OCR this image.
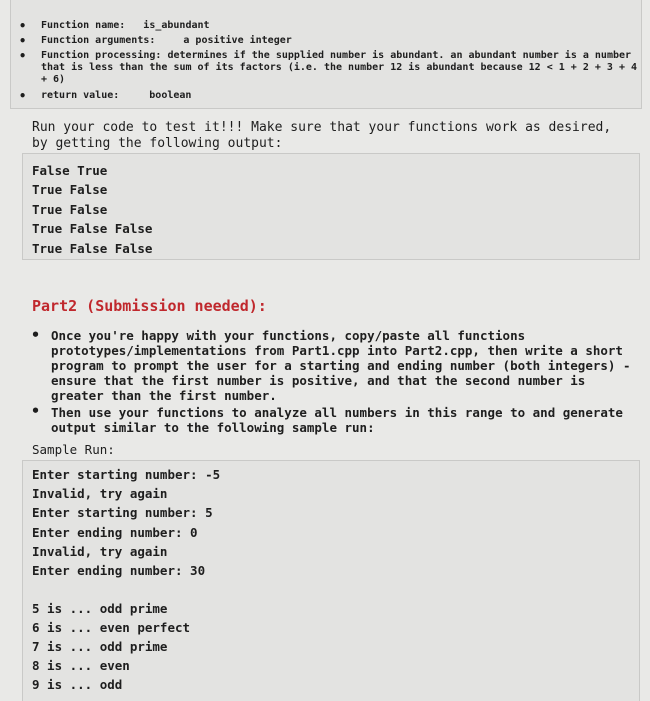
• Function name: is_abundant
• Function arguments:	a positive integer
• Function processing: determines if the supplied number is abundant. an abundant number is a number that is less than the sum of its factors (i.e. the number 12 is abundant because 12 < 1 + 2 + 3 + 4 + 6)
• return value:	boolean
Run your code to test it!!! Make sure that your functions work as desired, by getting the following output:
False True
True False
True False
True False False
True False False
Part2 (Submission needed):
• Once you're happy with your functions, copy/paste all functions prototypes/implementations from Part1.cpp into Part2.cpp, then write a short program to prompt the user for a starting and ending number (both integers) - ensure that the first number is positive, and that the second number is greater than the first number.
• Then use your functions to analyze all numbers in this range to and generate output similar to the following sample run:
Sample Run:
Enter starting number: -5
Invalid, try again
Enter starting number: 5
Enter ending number: 0
Invalid, try again
Enter ending number: 30
5 is ... odd prime
6 is ... even perfect
7 is ... odd prime
8 is ... even
9 is ... odd
